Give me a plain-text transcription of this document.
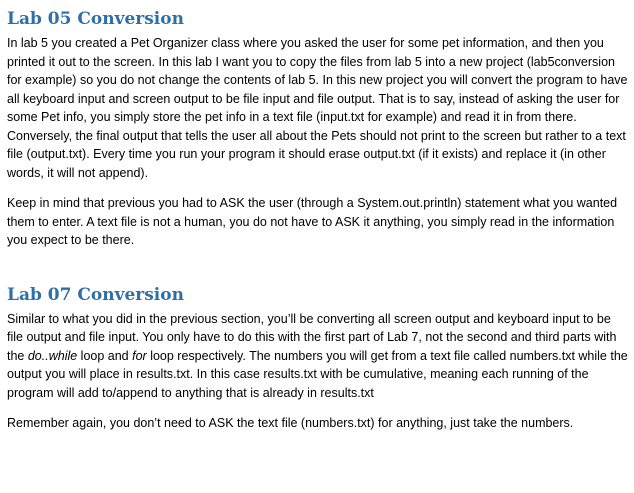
Lab 05 Conversion

In lab 5 you created a Pet Organizer class where you asked the user for some pet information, and then you printed it out to the screen. In this lab I want you to copy the files from lab 5 into a new project (lab5conversion for example) so you do not change the contents of lab 5. In this new project you will convert the program to have all keyboard input and screen output to be file input and file output. That is to say, instead of asking the user for some Pet info, you simply store the pet info in a text file (input.txt for example) and read it in from there. Conversely, the final output that tells the user all about the Pets should not print to the screen but rather to a text file (output.txt). Every time you run your program it should erase output.txt (if it exists) and replace it (in other words, it will not append).

Keep in mind that previous you had to ASK the user (through a System.out.println) statement what you wanted them to enter. A text file is not a human, you do not have to ASK it anything, you simply read in the information you expect to be there.

Lab 07 Conversion

Similar to what you did in the previous section, you’ll be converting all screen output and keyboard input to be file output and file input. You only have to do this with the first part of Lab 7, not the second and third parts with the do..while loop and for loop respectively. The numbers you will get from a text file called numbers.txt while the output you will place in results.txt. In this case results.txt with be cumulative, meaning each running of the program will add to/append to anything that is already in results.txt

Remember again, you don’t need to ASK the text file (numbers.txt) for anything, just take the numbers.
